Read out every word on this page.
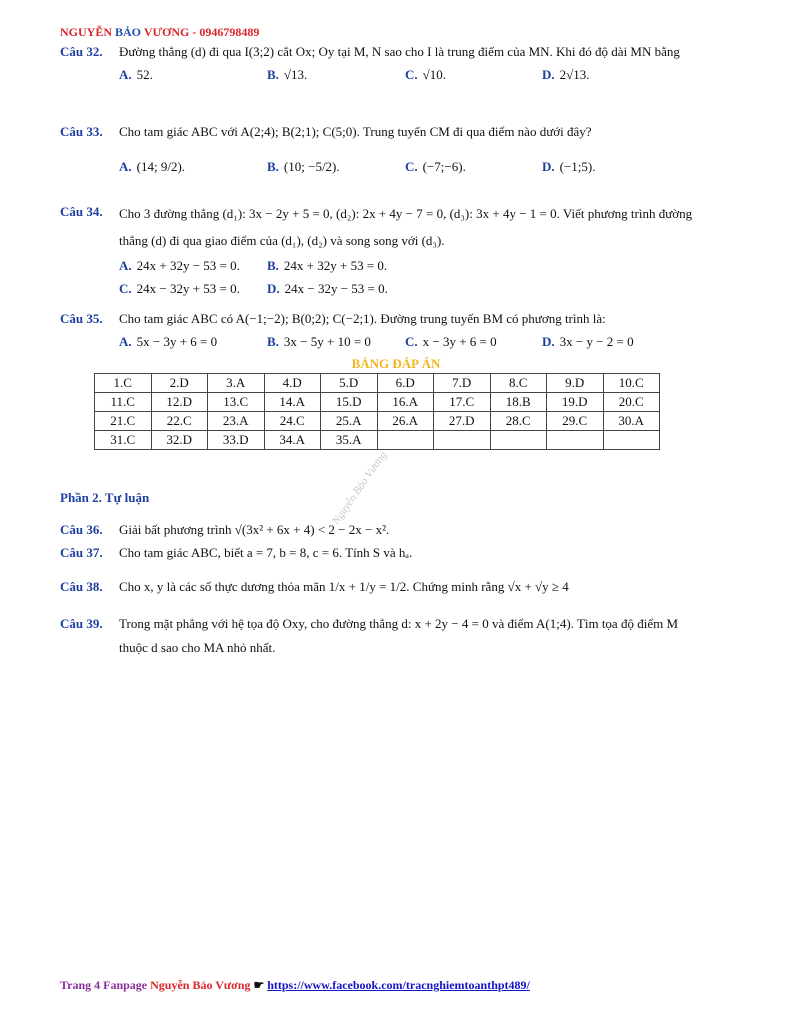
NGUYỄN BẢO VƯƠNG - 0946798489
Câu 32. Đường thẳng (d) đi qua I(3;2) cắt Ox; Oy tại M, N sao cho I là trung điểm của MN. Khi đó độ dài MN bằng
A. 52.	B. √13.	C. √10.	D. 2√13.
Câu 33. Cho tam giác ABC với A(2;4); B(2;1); C(5;0). Trung tuyến CM đi qua điểm nào dưới đây?
A. (14; 9/2).	B. (10; −5/2).	C. (−7;−6).	D. (−1;5).
Câu 34. Cho 3 đường thẳng (d₁): 3x − 2y + 5 = 0, (d₂): 2x + 4y − 7 = 0, (d₃): 3x + 4y − 1 = 0. Viết phương trình đường thẳng (d) đi qua giao điểm của (d₁), (d₂) và song song với (d₃).
A. 24x + 32y − 53 = 0. B. 24x + 32y + 53 = 0.
C. 24x − 32y + 53 = 0. D. 24x − 32y − 53 = 0.
Câu 35. Cho tam giác ABC có A(−1;−2); B(0;2); C(−2;1). Đường trung tuyến BM có phương trình là:
A. 5x − 3y + 6 = 0	B. 3x − 5y + 10 = 0	C. x − 3y + 6 = 0	D. 3x − y − 2 = 0
BẢNG ĐÁP ÁN
1.C	2.D	3.A	4.D	5.D	6.D	7.D	8.C	9.D	10.C
11.C	12.D	13.C	14.A	15.D	16.A	17.C	18.B	19.D	20.C
21.C	22.C	23.A	24.C	25.A	26.A	27.D	28.C	29.C	30.A
31.C	32.D	33.D	34.A	35.A					
Nguyễn Bảo Vương
Phần 2. Tự luận
Câu 36. Giải bất phương trình √(3x² + 6x + 4) < 2 − 2x − x².
Câu 37. Cho tam giác ABC, biết a = 7, b = 8, c = 6. Tính S và hₐ.
Câu 38. Cho x, y là các số thực dương thỏa mãn 1/x + 1/y = 1/2. Chứng minh rằng √x + √y ≥ 4
Câu 39. Trong mặt phẳng với hệ tọa độ Oxy, cho đường thẳng d: x + 2y − 4 = 0 và điểm A(1;4). Tìm tọa độ điểm M thuộc d sao cho MA nhỏ nhất.
Trang 4 Fanpage Nguyễn Bảo Vương ☛ https://www.facebook.com/tracnghiemtoanthpt489/
